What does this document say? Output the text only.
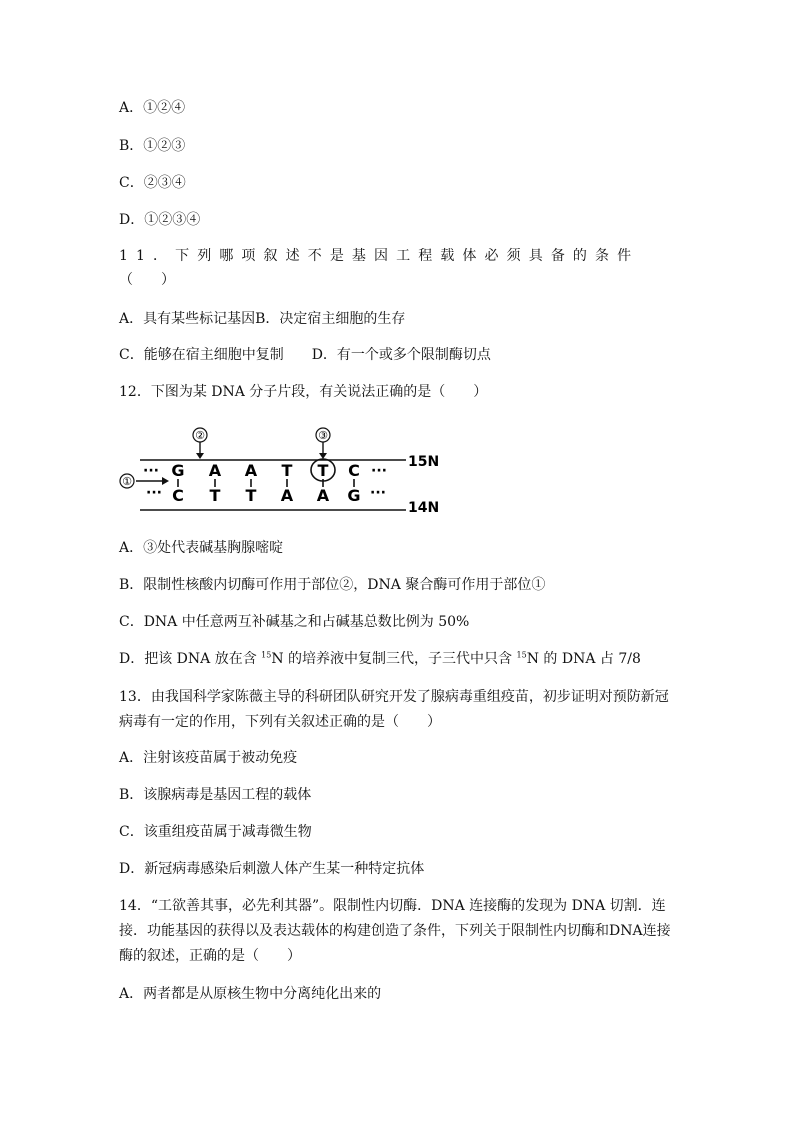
A．①②④
B．①②③
C．②③④
D．①②③④
11．下列哪项叙述不是基因工程载体必须具备的条件
（　　）
A．具有某些标记基因B．决定宿主细胞的生存
C．能够在宿主细胞中复制　　D．有一个或多个限制酶切点
12．下图为某 DNA 分子片段，有关说法正确的是（　　）
··· G A A T T C ···
··· C T T A A G ···
②	③
①
15N
14N
A．③处代表碱基胸腺嘧啶
B．限制性核酸内切酶可作用于部位②，DNA 聚合酶可作用于部位①
C．DNA 中任意两互补碱基之和占碱基总数比例为 50%
D．把该 DNA 放在含 $^{15}$N 的培养液中复制三代，子三代中只含 $^{15}$N 的 DNA 占 7/8
13．由我国科学家陈薇主导的科研团队研究开发了腺病毒重组疫苗，初步证明对预防新冠病毒有一定的作用，下列有关叙述正确的是（　　）
A．注射该疫苗属于被动免疫
B．该腺病毒是基因工程的载体
C．该重组疫苗属于减毒微生物
D．新冠病毒感染后刺激人体产生某一种特定抗体
14．“工欲善其事，必先利其器”。限制性内切酶．DNA 连接酶的发现为 DNA 切割．连接．功能基因的获得以及表达载体的构建创造了条件，下列关于限制性内切酶和DNA连接酶的叙述，正确的是（　　）
A．两者都是从原核生物中分离纯化出来的
